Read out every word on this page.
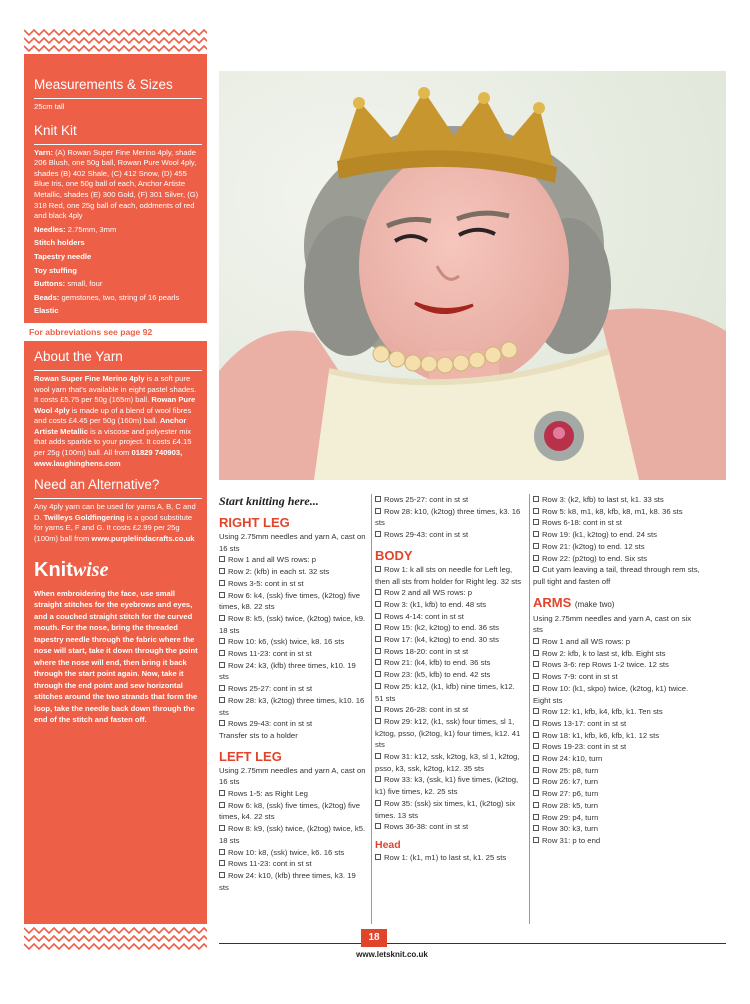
Measurements & Sizes
25cm tall
Knit Kit
Yarn: (A) Rowan Super Fine Merino 4ply, shade 206 Blush, one 50g ball, Rowan Pure Wool 4ply, shades (B) 402 Shale, (C) 412 Snow, (D) 455 Blue Iris, one 50g ball of each, Anchor Artiste Metallic, shades (E) 300 Gold, (F) 301 Silver, (G) 318 Red, one 25g ball of each, oddments of red and black 4ply
Needles: 2.75mm, 3mm
Stitch holders
Tapestry needle
Toy stuffing
Buttons: small, four
Beads: gemstones, two, string of 16 pearls
Elastic
For abbreviations see page 92
About the Yarn
Rowan Super Fine Merino 4ply is a soft pure wool yarn that's available in eight pastel shades. It costs £5.75 per 50g (165m) ball. Rowan Pure Wool 4ply is made up of a blend of wool fibres and costs £4.45 per 50g (160m) ball. Anchor Artiste Metallic is a viscose and polyester mix that adds sparkle to your project. It costs £4.15 per 25g (100m) ball. All from 01829 740903, www.laughinghens.com
Need an Alternative?
Any 4ply yarn can be used for yarns A, B, C and D. Twilleys Goldfingering is a good substitute for yarns E, F and G. It costs £2.99 per 25g (100m) ball from www.purplelindacrafts.co.uk
Knitwise
When embroidering the face, use small straight stitches for the eyebrows and eyes, and a couched straight stitch for the curved mouth. For the nose, bring the threaded tapestry needle through the fabric where the nose will start, take it down through the point where the nose will end, then bring it back through the start point again. Now, take it through the end point and sew horizontal stitches around the two strands that form the loop, take the needle back down through the end of the stitch and fasten off.
Start knitting here...
RIGHT LEG

Using 2.75mm needles and yarn A, cast on 16 sts

Row 1 and all WS rows: p

Row 2: (kfb) in each st. 32 sts

Rows 3-5: cont in st st

Row 6: k4, (ssk) five times, (k2tog) five times, k8. 22 sts

Row 8: k5, (ssk) twice, (k2tog) twice, k9. 18 sts

Row 10: k6, (ssk) twice, k8. 16 sts

Rows 11-23: cont in st st

Row 24: k3, (kfb) three times, k10. 19 sts

Rows 25-27: cont in st st

Row 28: k3, (k2tog) three times, k10. 16 sts

Rows 29-43: cont in st st

Transfer sts to a holder

LEFT LEG

Using 2.75mm needles and yarn A, cast on 16 sts

Rows 1-5: as Right Leg

Row 6: k8, (ssk) five times, (k2tog) five times, k4. 22 sts

Row 8: k9, (ssk) twice, (k2tog) twice, k5. 18 sts

Row 10: k8, (ssk) twice, k6. 16 sts

Rows 11-23: cont in st st

Row 24: k10, (kfb) three times, k3. 19 sts

Rows 25-27: cont in st st

Row 28: k10, (k2tog) three times, k3. 16 sts

Rows 29-43: cont in st st

BODY

Row 1: k all sts on needle for Left leg, then all sts from holder for Right leg. 32 sts

Row 2 and all WS rows: p

Row 3: (k1, kfb) to end. 48 sts

Rows 4-14: cont in st st

Row 15: (k2, k2tog) to end. 36 sts

Row 17: (k4, k2tog) to end. 30 sts

Rows 18-20: cont in st st

Row 21: (k4, kfb) to end. 36 sts

Row 23: (k5, kfb) to end. 42 sts

Row 25: k12, (k1, kfb) nine times, k12. 51 sts

Rows 26-28: cont in st st

Row 29: k12, (k1, ssk) four times, sl 1, k2tog, psso, (k2tog, k1) four times, k12. 41 sts

Row 31: k12, ssk, k2tog, k3, sl 1, k2tog, psso, k3, ssk, k2tog, k12. 35 sts

Row 33: k3, (ssk, k1) five times, (k2tog, k1) five times, k2. 25 sts

Row 35: (ssk) six times, k1, (k2tog) six times. 13 sts

Rows 36-38: cont in st st

Head

Row 1: (k1, m1) to last st, k1. 25 sts

Row 3: (k2, kfb) to last st, k1. 33 sts

Row 5: k8, m1, k8, kfb, k8, m1, k8. 36 sts

Rows 6-18: cont in st st

Row 19: (k1, k2tog) to end. 24 sts

Row 21: (k2tog) to end. 12 sts

Row 22: (p2tog) to end. Six sts

Cut yarn leaving a tail, thread through rem sts, pull tight and fasten off

ARMS (make two)

Using 2.75mm needles and yarn A, cast on six sts

Row 1 and all WS rows: p

Row 2: kfb, k to last st, kfb. Eight sts

Rows 3-6: rep Rows 1-2 twice. 12 sts

Rows 7-9: cont in st st

Row 10: (k1, skpo) twice, (k2tog, k1) twice. Eight sts

Row 12: k1, kfb, k4, kfb, k1. Ten sts

Rows 13-17: cont in st st

Row 18: k1, kfb, k6, kfb, k1. 12 sts

Rows 19-23: cont in st st

Row 24: k10, turn

Row 25: p8, turn

Row 26: k7, turn

Row 27: p6, turn

Row 28: k5, turn

Row 29: p4, turn

Row 30: k3, turn

Row 31: p to end

18
www.letsknit.co.uk
